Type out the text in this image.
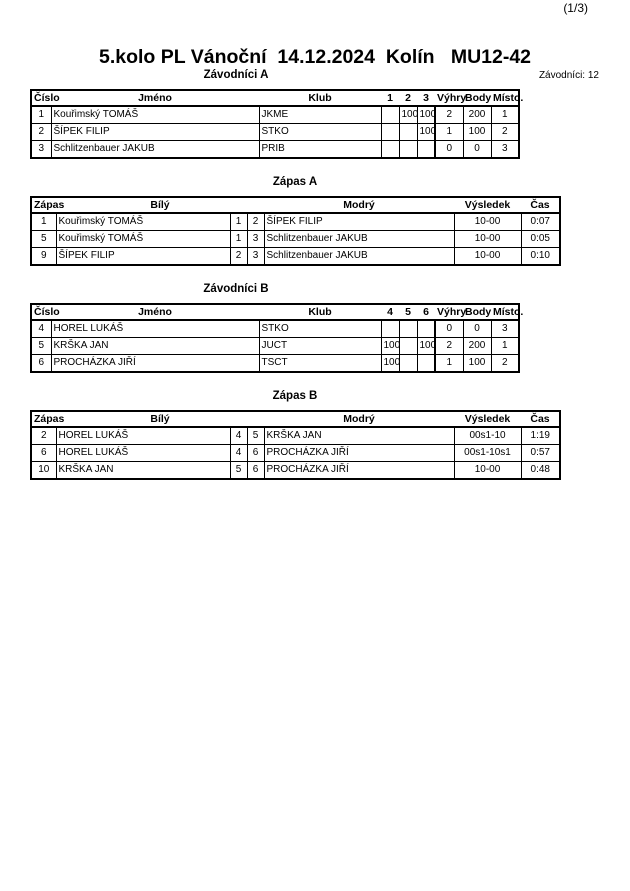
(1/3)
5.kolo PL Vánoční  14.12.2024  Kolín   MU12-42
Závodníci: 12
Závodníci A
Číslo	Jméno	Klub	1	2	3	Výhry	Body	Místo.
1	Kouřimský TOMÁŠ	JKME		100	100	2	200	1
2	ŠÍPEK FILIP	STKO			100	1	100	2
3	Schlitzenbauer JAKUB	PRIB				0	0	3
Zápas A
Zápas	Bílý			Modrý	Výsledek	Čas
1	Kouřimský TOMÁŠ	1	2	ŠÍPEK FILIP	10-00	0:07
5	Kouřimský TOMÁŠ	1	3	Schlitzenbauer JAKUB	10-00	0:05
9	ŠÍPEK FILIP	2	3	Schlitzenbauer JAKUB	10-00	0:10
Závodníci B
Číslo	Jméno	Klub	4	5	6	Výhry	Body	Místo.
4	HOREL LUKÁŠ	STKO				0	0	3
5	KRŠKA JAN	JUCT	100		100	2	200	1
6	PROCHÁZKA JIŘÍ	TSCT	100			1	100	2
Zápas B
Zápas	Bílý			Modrý	Výsledek	Čas
2	HOREL LUKÁŠ	4	5	KRŠKA JAN	00s1-10	1:19
6	HOREL LUKÁŠ	4	6	PROCHÁZKA JIŘÍ	00s1-10s1	0:57
10	KRŠKA JAN	5	6	PROCHÁZKA JIŘÍ	10-00	0:48
